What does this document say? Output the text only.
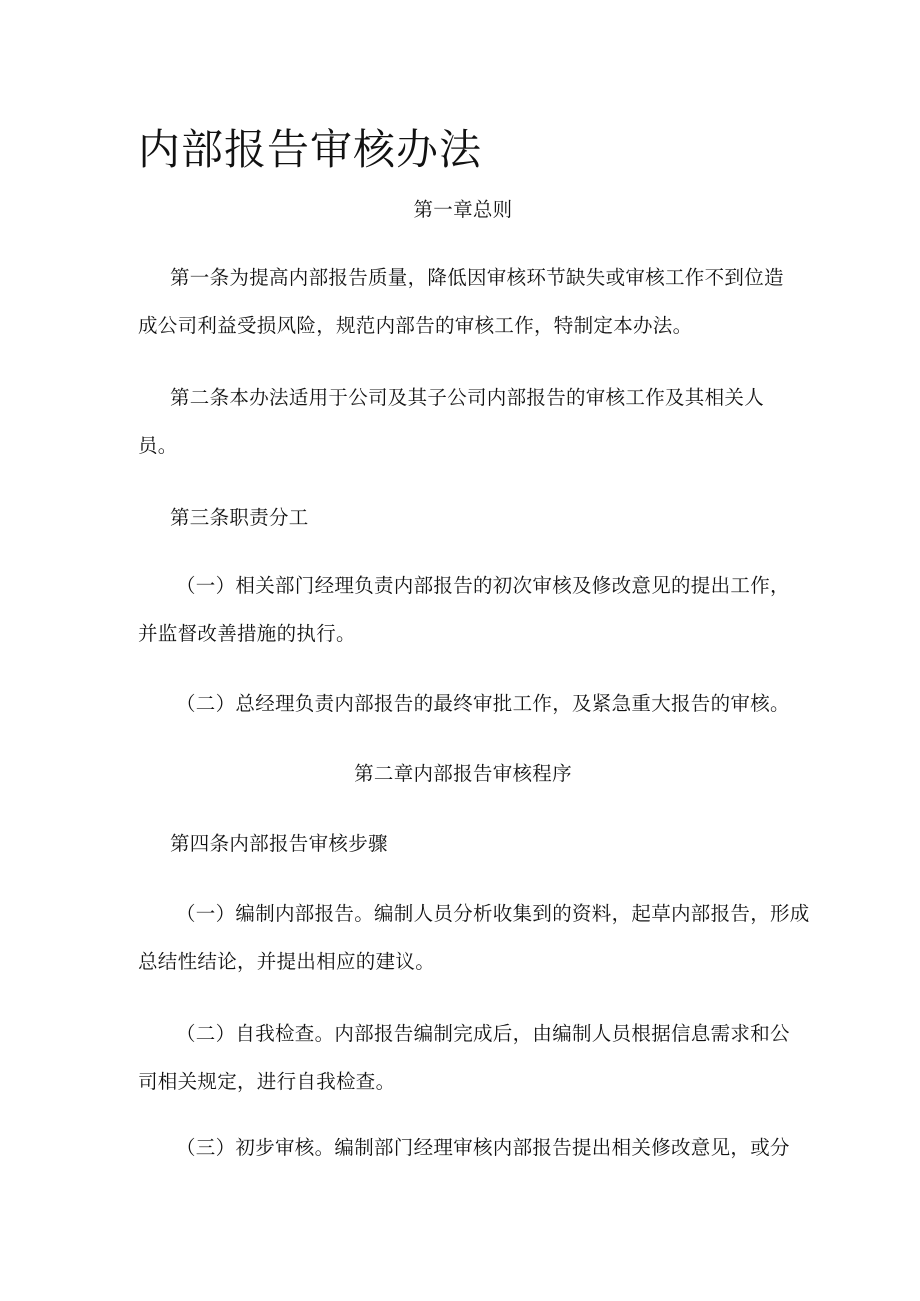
内部报告审核办法

第一章总则

第一条为提高内部报告质量，降低因审核环节缺失或审核工作不到位造
成公司利益受损风险，规范内部告的审核工作，特制定本办法。

第二条本办法适用于公司及其子公司内部报告的审核工作及其相关人
员。

第三条职责分工

（一）相关部门经理负责内部报告的初次审核及修改意见的提出工作，
并监督改善措施的执行。

（二）总经理负责内部报告的最终审批工作，及紧急重大报告的审核。

第二章内部报告审核程序

第四条内部报告审核步骤

（一）编制内部报告。编制人员分析收集到的资料，起草内部报告，形成
总结性结论，并提出相应的建议。

（二）自我检查。内部报告编制完成后，由编制人员根据信息需求和公
司相关规定，进行自我检查。

（三）初步审核。编制部门经理审核内部报告提出相关修改意见，或分
